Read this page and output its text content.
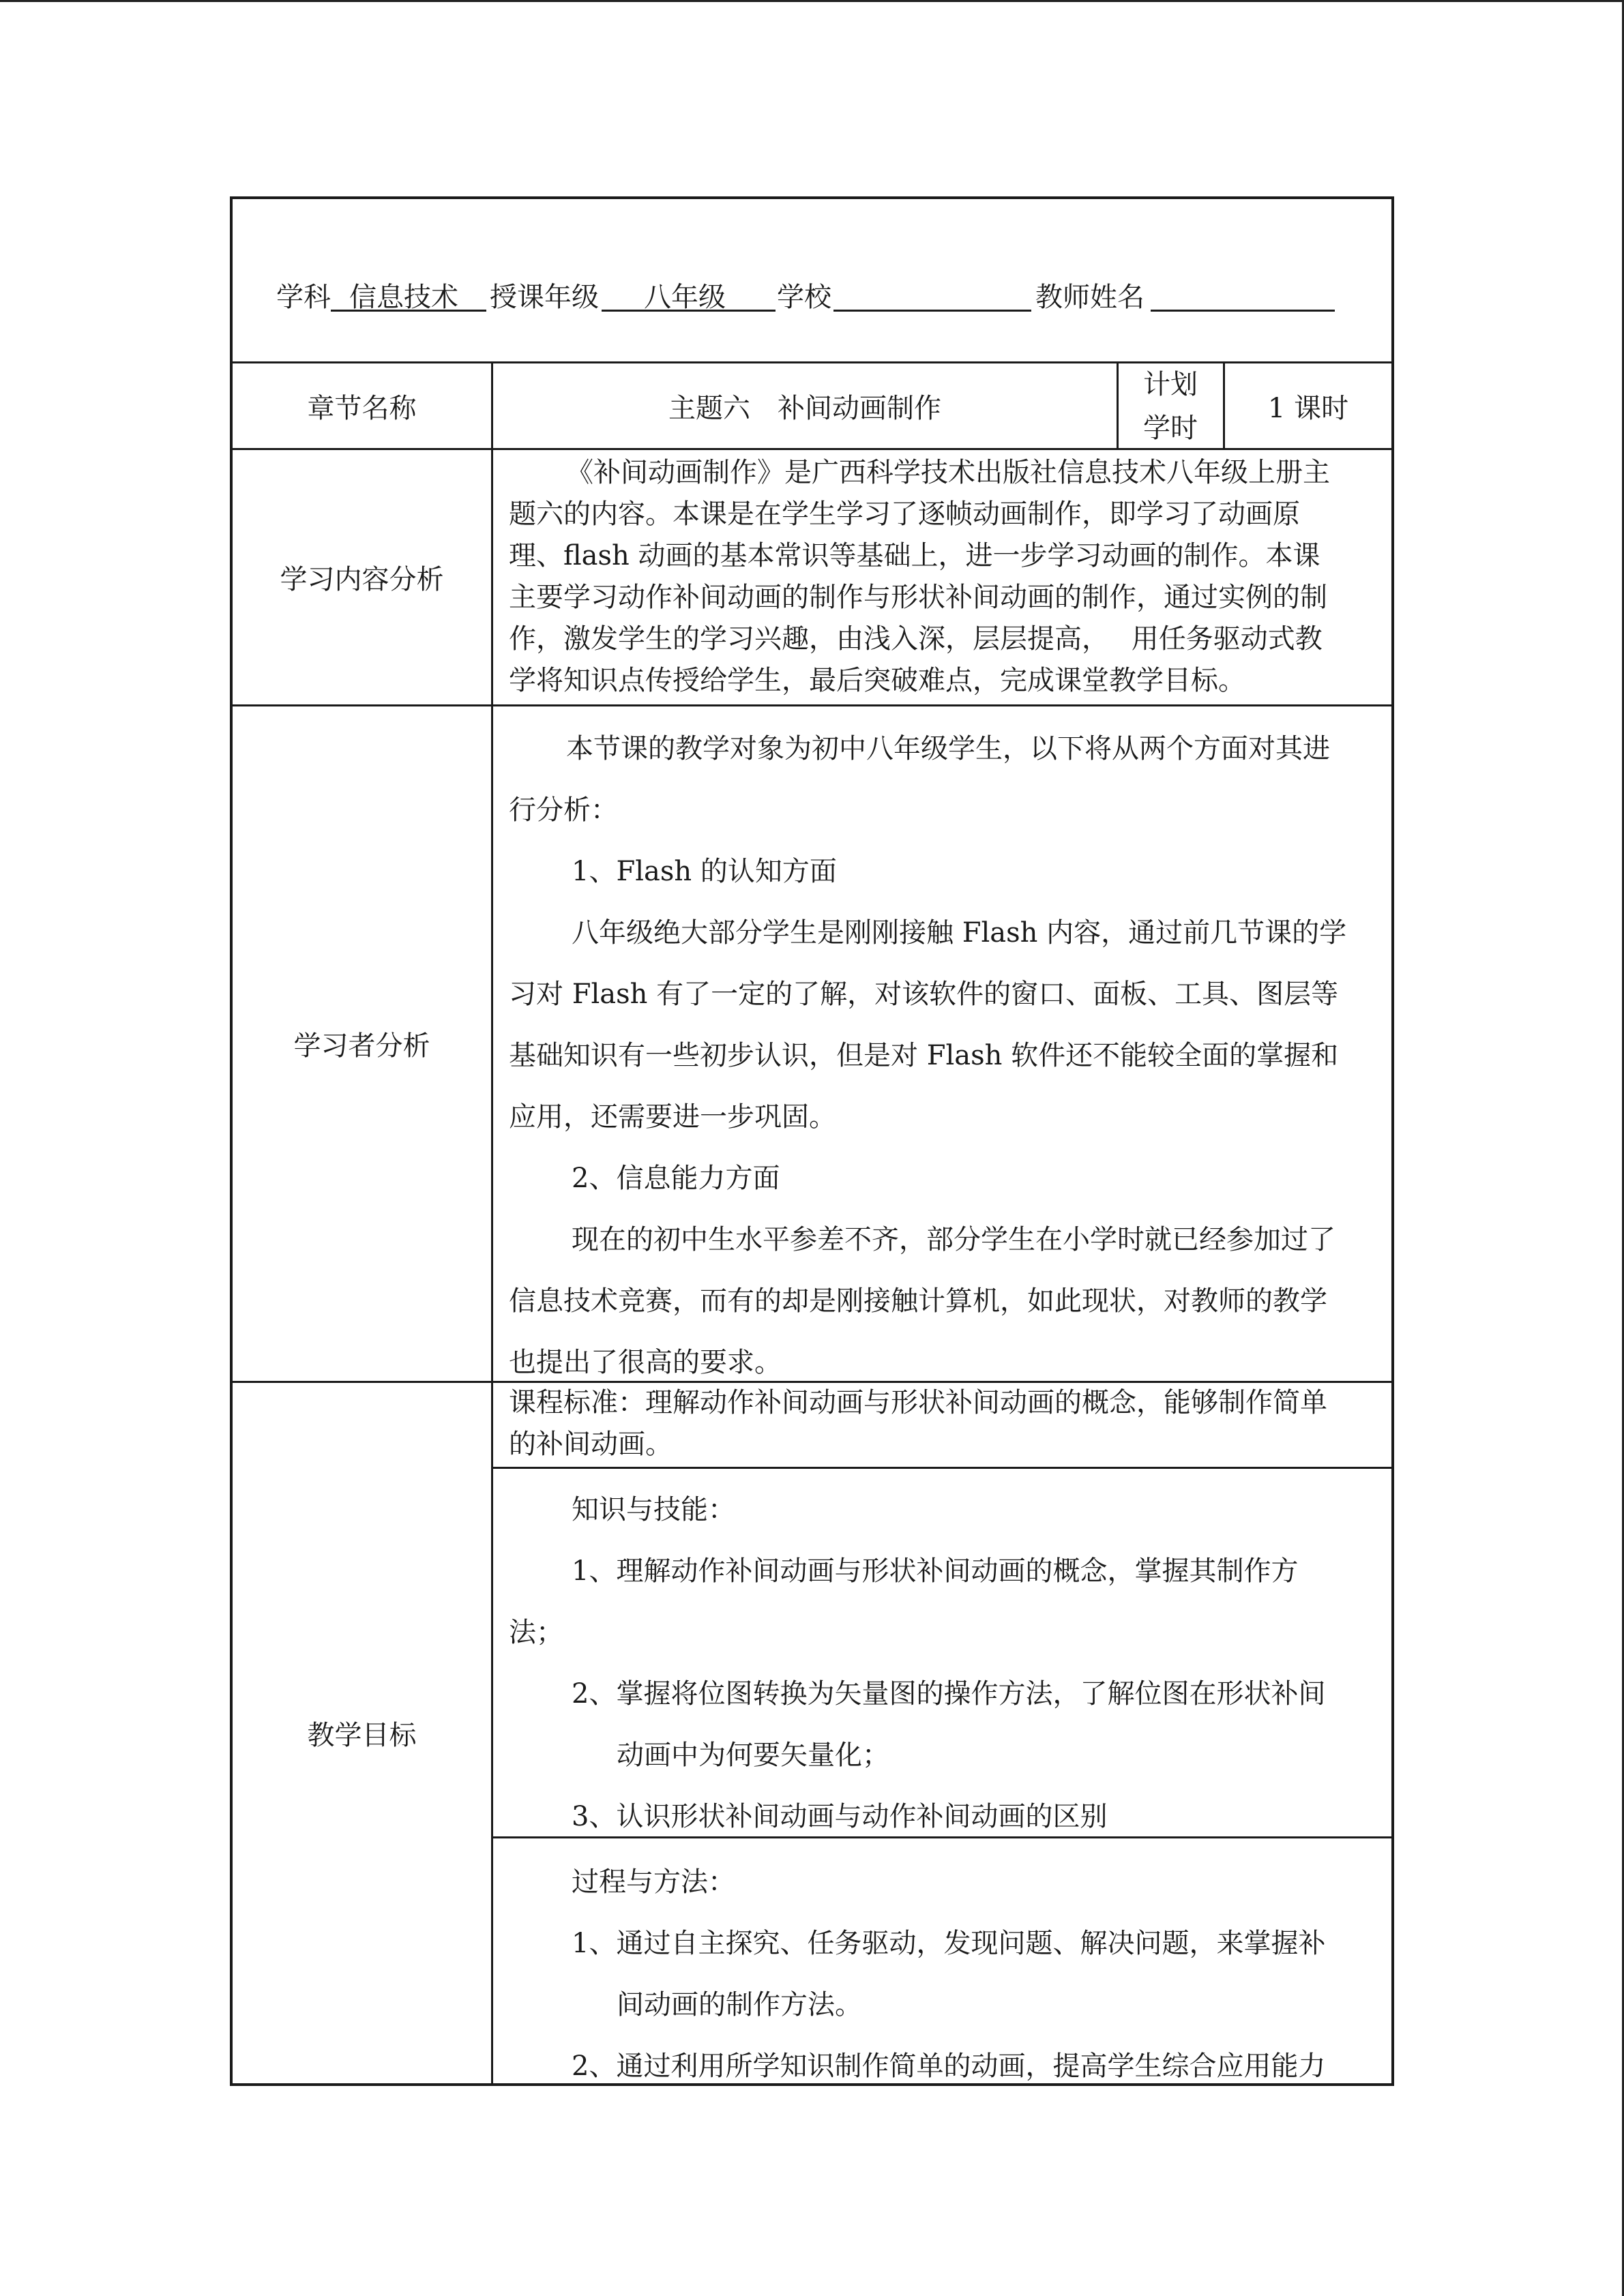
学科 信息技术 授课年级 八年级 学校	教师姓名
章节名称	主题六　补间动画制作
计划
学时
1 课时
学习内容分析
《补间动画制作》是广西科学技术出版社信息技术八年级上册主
题六的内容。本课是在学生学习了逐帧动画制作，即学习了动画原
理、flash 动画的基本常识等基础上，进一步学习动画的制作。本课
主要学习动作补间动画的制作与形状补间动画的制作，通过实例的制
作，激发学生的学习兴趣，由浅入深，层层提高，　 用任务驱动式教
学将知识点传授给学生，最后突破难点，完成课堂教学目标。
学习者分析
本节课的教学对象为初中八年级学生，以下将从两个方面对其进
行分析：
1、Flash 的认知方面
八年级绝大部分学生是刚刚接触 Flash 内容，通过前几节课的学
习对 Flash 有了一定的了解，对该软件的窗口、面板、工具、图层等
基础知识有一些初步认识，但是对 Flash 软件还不能较全面的掌握和
应用，还需要进一步巩固。
2、信息能力方面
现在的初中生水平参差不齐，部分学生在小学时就已经参加过了
信息技术竞赛，而有的却是刚接触计算机，如此现状，对教师的教学
也提出了很高的要求。
教学目标
课程标准：理解动作补间动画与形状补间动画的概念，能够制作简单
的补间动画。
知识与技能：
1、理解动作补间动画与形状补间动画的概念，掌握其制作方
法；
2、掌握将位图转换为矢量图的操作方法，了解位图在形状补间
动画中为何要矢量化；
3、认识形状补间动画与动作补间动画的区别
过程与方法：
1、通过自主探究、任务驱动，发现问题、解决问题，来掌握补
间动画的制作方法。
2、通过利用所学知识制作简单的动画，提高学生综合应用能力
